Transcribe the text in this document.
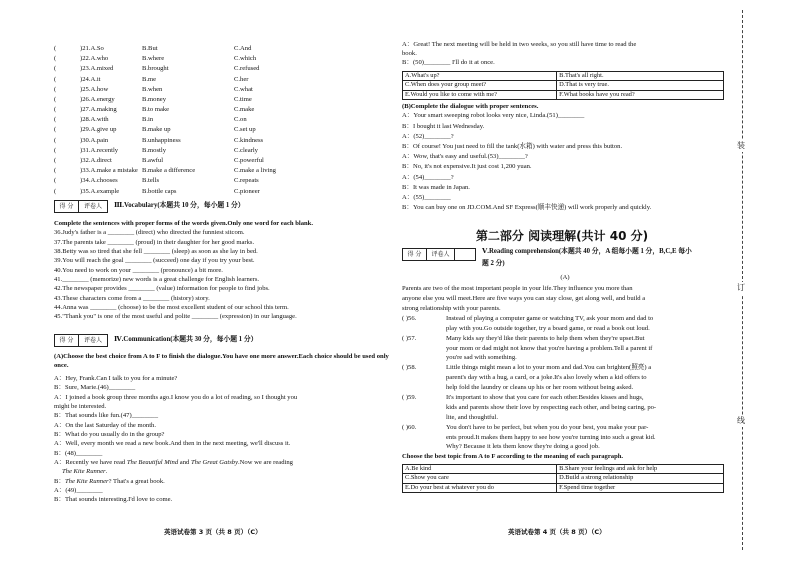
装
订
线
(	)21.A.So	B.But	C.And
(	)22.A.who	B.where	C.which
(	)23.A.mixed	B.brought	C.refused
(	)24.A.it	B.me	C.her
(	)25.A.how	B.when	C.what
(	)26.A.energy	B.money	C.time
(	)27.A.making	B.to make	C.make
(	)28.A.with	B.in	C.on
(	)29.A.give up	B.make up	C.set up
(	)30.A.pain	B.unhappiness	C.kindness
(	)31.A.recently	B.mostly	C.clearly
(	)32.A.direct	B.awful	C.powerful
(	)33.A.make a mistake B.make a difference	C.make a living
(	)34.A.chooses	B.tells	C.repeats
(	)35.A.example	B.bottle caps	C.pioneer
得 分	评卷人	Ⅲ.Vocabulary(本题共 10 分，每小题 1 分）
Complete the sentences with proper forms of the words given.Only one word for each blank.
36.Judy's father is a ________ (direct) who directed the funniest sitcom.
37.The parents take ________ (proud) in their daughter for her good marks.
38.Betty was so tired that she fell ________ (sleep) as soon as she lay in bed.
39.You will reach the goal ________ (succeed) one day if you try your best.
40.You need to work on your ________ (pronounce) a bit more.
41.________ (memorize) new words is a great challenge for English learners.
42.The newspaper provides ________ (value) information for people to find jobs.
43.These characters come from a ________ (history) story.
44.Anna was ________ (choose) to be the most excellent student of our school this term.
45."Thank you" is one of the most useful and polite ________ (expression) in our language.
得 分	评卷人	Ⅳ.Communication(本题共 30 分，每小题 1 分）
(A)Choose the best choice from A to F to finish the dialogue.You have one more answer.Each choice should be used only once.
A：Hey, Frank.Can I talk to you for a minute?
B：Sure, Marie.(46)________
A：I joined a book group three months ago.I know you do a lot of reading, so I thought you
might be interested.
B：That sounds like fun.(47)________
A：On the last Saturday of the month.
B：What do you usually do in the group?
A：Well, every month we read a new book.And then in the next meeting, we'll discuss it.
B：(48)________
A：Recently we have read The Beautiful Mind and The Great Gatsby.Now we are reading
The Kite Runner.
B：The Kite Runner? That's a great book.
A：(49)________
B：That sounds interesting.I'd love to come.
英语试卷第 3 页（共 8 页）（C）
A：Great! The next meeting will be held in two weeks, so you still have time to read the
book.
B：(50)________ I'll do it at once.
A.What's up?	B.That's all right.
C.When does your group meet?	D.That is very true.
E.Would you like to come with me?	F.What books have you read?
(B)Complete the dialogue with proper sentences.
A：Your smart sweeping robot looks very nice, Linda.(51)________
B：I bought it last Wednesday.
A：(52)________?
B：Of course! You just need to fill the tank(水箱) with water and press this button.
A：Wow, that's easy and useful.(53)________?
B：No, it's not expensive.It just cost 1,200 yuan.
A：(54)________?
B：It was made in Japan.
A：(55)________
B：You can buy one on JD.COM.And SF Express(顺丰快递) will work properly and quickly.
第二部分 阅读理解(共计 40 分)
得 分	评卷人	Ⅴ.Reading comprehension(本题共 40 分，A 组每小题 1 分，B,C,E 每小
题 2 分)
(A)
Parents are two of the most important people in your life.They influence you more than
anyone else you will meet.Here are five ways you can stay close, get along well, and build a
strong relationship with your parents.
( )56.	Instead of playing a computer game or watching TV, ask your mom and dad to
play with you.Go outside together, try a board game, or read a book out loud.
( )57.	Many kids say they'd like their parents to help them when they're upset.But
your mom or dad might not know that you're having a problem.Tell a parent if
you're sad with something.
( )58.	Little things might mean a lot to your mom and dad.You can brighten(照亮) a
parent's day with a hug, a card, or a joke.It's also lovely when a kid offers to
help fold the laundry or cleans up his or her room without being asked.
( )59.	It's important to show that you care for each other.Besides kisses and hugs,
kids and parents show their love by respecting each other, and being caring, po-
lite, and thoughtful.
( )60.	You don't have to be perfect, but when you do your best, you make your par-
ents proud.It makes them happy to see how you're turning into such a great kid.
Why? Because it lets them know they're doing a good job.
Choose the best topic from A to F according to the meaning of each paragraph.
A.Be kind	B.Share your feelings and ask for help
C.Show you care	D.Build a strong relationship
E.Do your best at whatever you do	F.Spend time together
英语试卷第 4 页（共 8 页）（C）
